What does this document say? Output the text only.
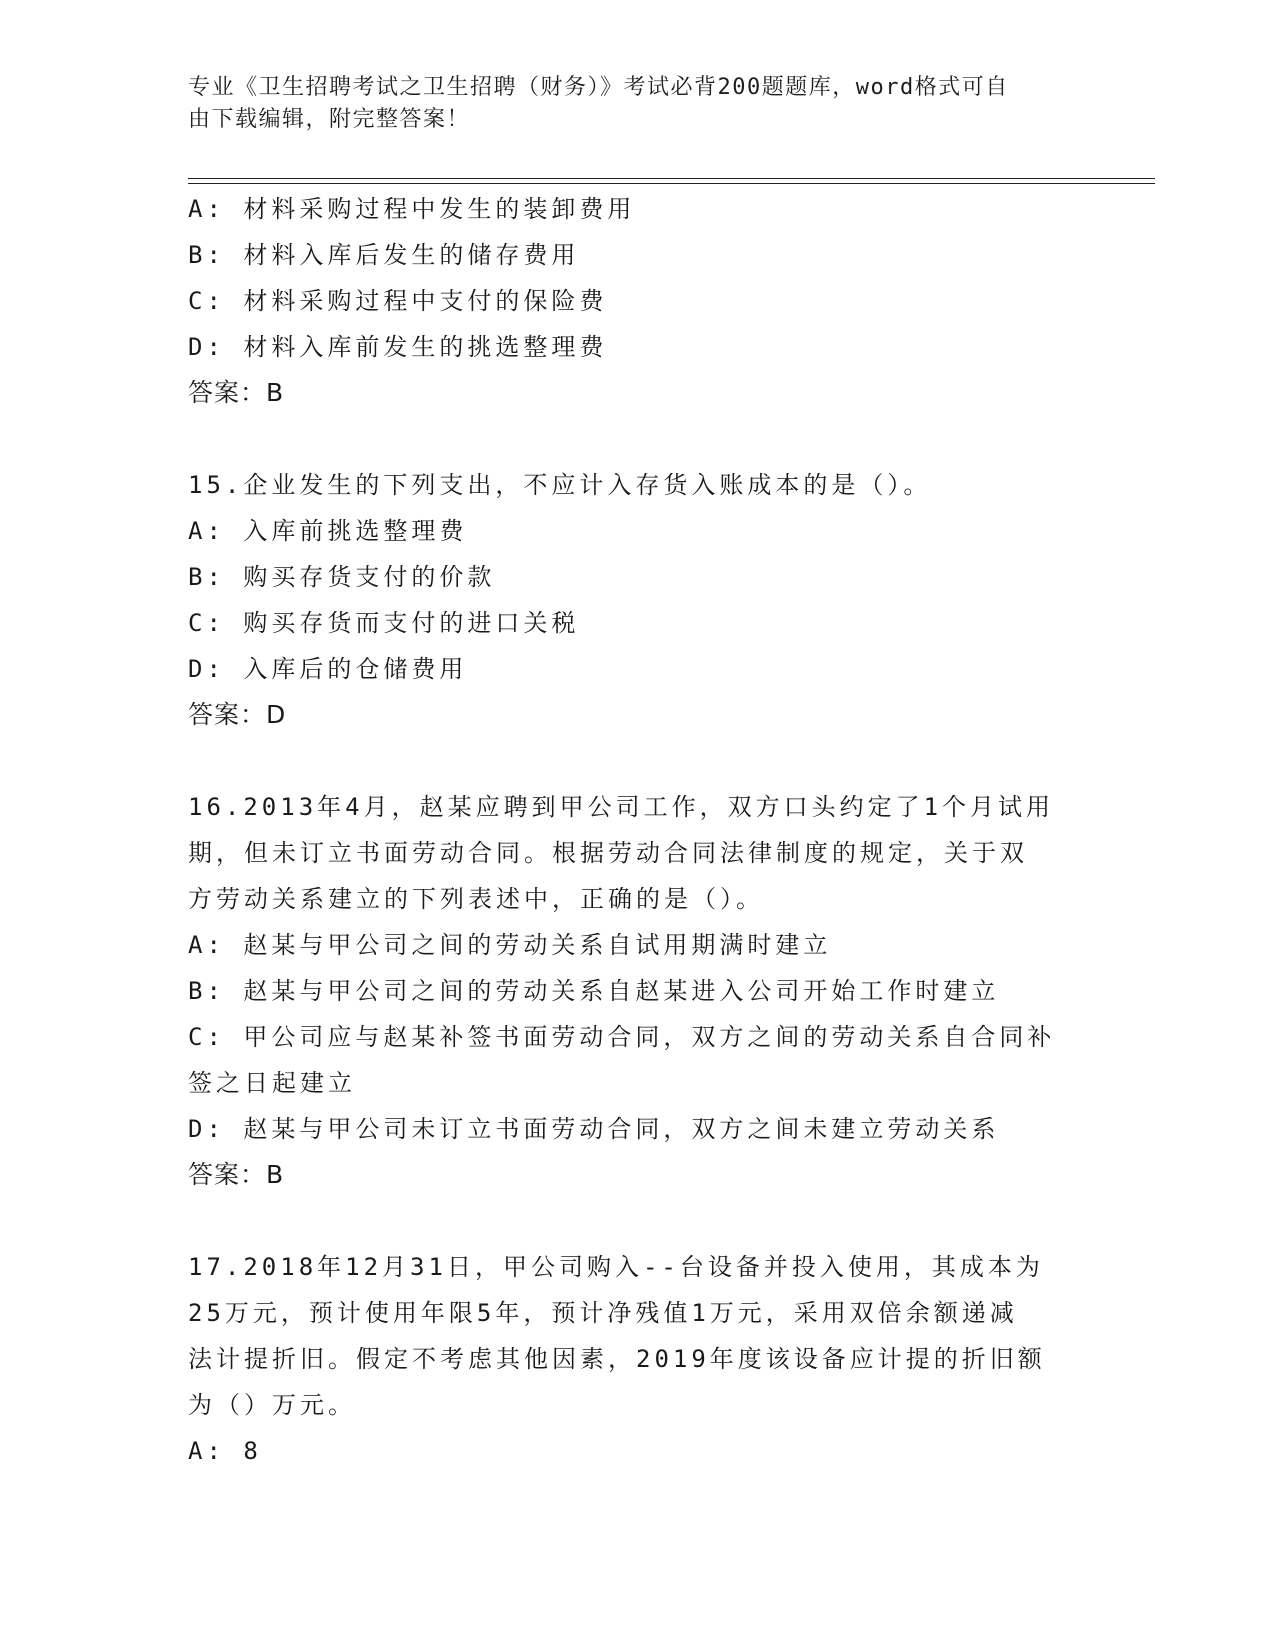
专业《卫生招聘考试之卫生招聘（财务）》考试必背200题题库，word格式可自
由下载编辑，附完整答案！
A: 材料采购过程中发生的装卸费用
B: 材料入库后发生的储存费用
C: 材料采购过程中支付的保险费
D: 材料入库前发生的挑选整理费
答案：B
15.企业发生的下列支出，不应计入存货入账成本的是（）。
A: 入库前挑选整理费
B: 购买存货支付的价款
C: 购买存货而支付的进口关税
D: 入库后的仓储费用
答案：D
16.2013年4月，赵某应聘到甲公司工作，双方口头约定了1个月试用
期，但未订立书面劳动合同。根据劳动合同法律制度的规定，关于双
方劳动关系建立的下列表述中，正确的是（）。
A: 赵某与甲公司之间的劳动关系自试用期满时建立
B: 赵某与甲公司之间的劳动关系自赵某进入公司开始工作时建立
C: 甲公司应与赵某补签书面劳动合同，双方之间的劳动关系自合同补
签之日起建立
D: 赵某与甲公司未订立书面劳动合同，双方之间未建立劳动关系
答案：B
17.2018年12月31日，甲公司购入--台设备并投入使用，其成本为
25万元，预计使用年限5年，预计净残值1万元，采用双倍余额递减
法计提折旧。假定不考虑其他因素，2019年度该设备应计提的折旧额
为（）万元。
A: 8
